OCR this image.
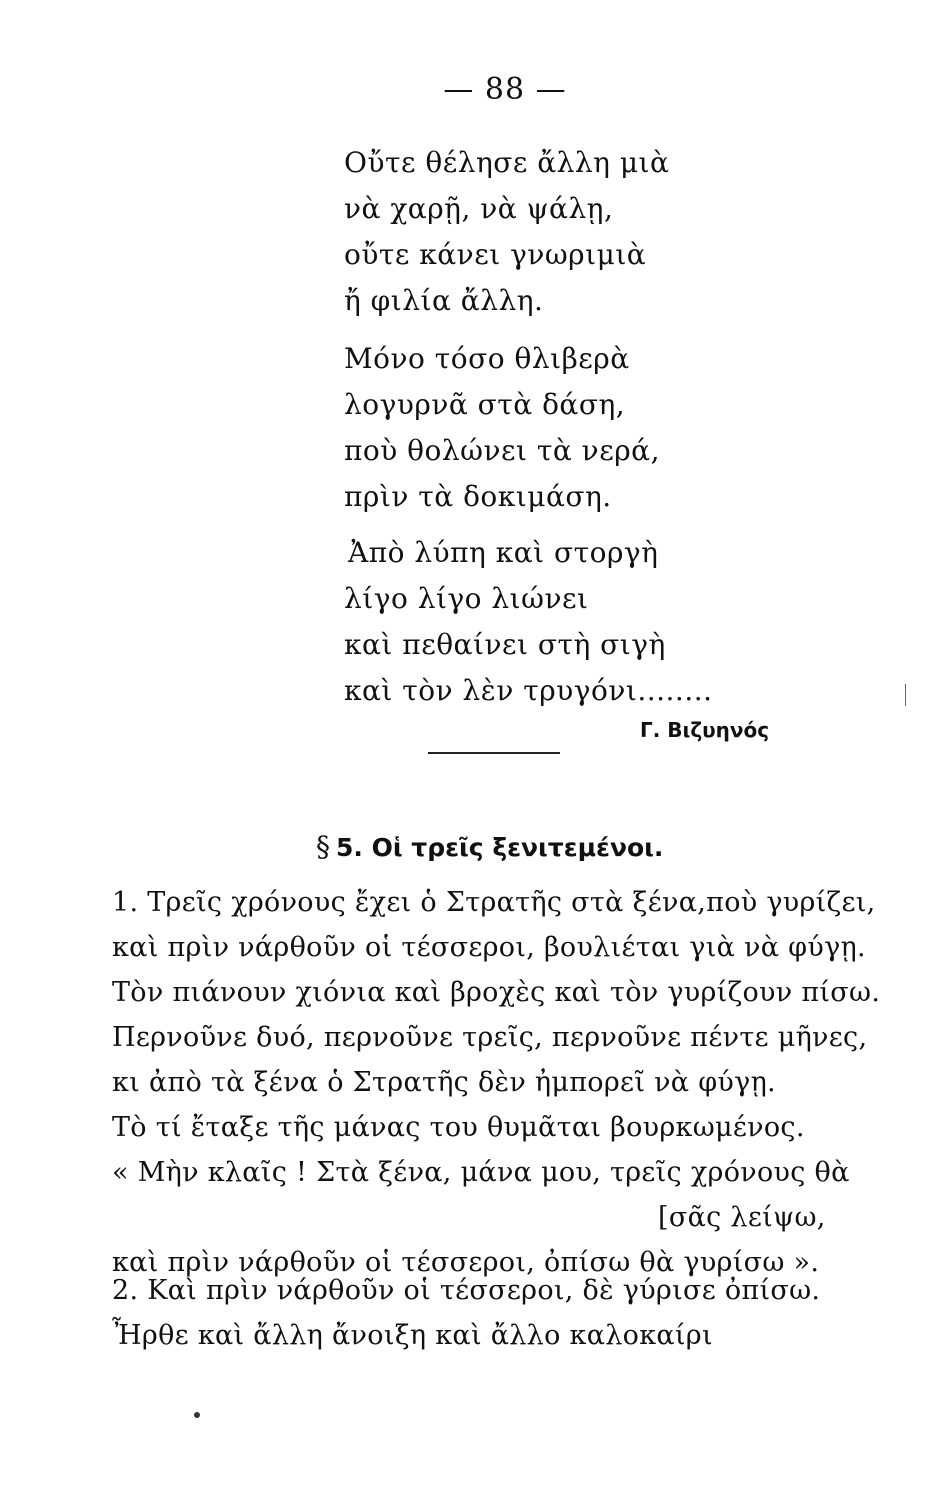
— 88 —
Οὔτε θέλησε ἄλλη μιὰ
νὰ χαρῇ, νὰ ψάλῃ,
οὔτε κάνει γνωριμιὰ
ἤ φιλία ἄλλη.
Μόνο τόσο θλιβερὰ
λογυρνᾶ στὰ δάση,
ποὺ θολώνει τὰ νερά,
πρὶν τὰ δοκιμάση.
Ἀπὸ λύπη καὶ στοργὴ
λίγο λίγο λιώνει
καὶ πεθαίνει στὴ σιγὴ
καὶ τὸν λὲν τρυγόνι........
Γ. Βιζυηνός
§ 5. Οἱ τρεῖς ξενιτεμένοι.
1. Τρεῖς χρόνους ἔχει ὁ Στρατῆς στὰ ξένα,ποὺ γυρίζει,
καὶ πρὶν νάρθοῦν οἱ τέσσεροι, βουλιέται γιὰ νὰ φύγῃ.
Τὸν πιάνουν χιόνια καὶ βροχὲς καὶ τὸν γυρίζουν πίσω.
Περνοῦνε δυό, περνοῦνε τρεῖς, περνοῦνε πέντε μῆνες,
κι ἀπὸ τὰ ξένα ὁ Στρατῆς δὲν ἠμπορεῖ νὰ φύγῃ.
Τὸ τί ἔταξε τῆς μάνας του θυμᾶται βουρκωμένος.
« Μὴν κλαῖς ! Στὰ ξένα, μάνα μου, τρεῖς χρόνους θὰ
[σᾶς λείψω,
καὶ πρὶν νάρθοῦν οἱ τέσσεροι, ὀπίσω θὰ γυρίσω ».
2. Καὶ πρὶν νάρθοῦν οἱ τέσσεροι, δὲ γύρισε ὀπίσω.
Ἦρθε καὶ ἄλλη ἄνοιξη καὶ ἄλλο καλοκαίρι
